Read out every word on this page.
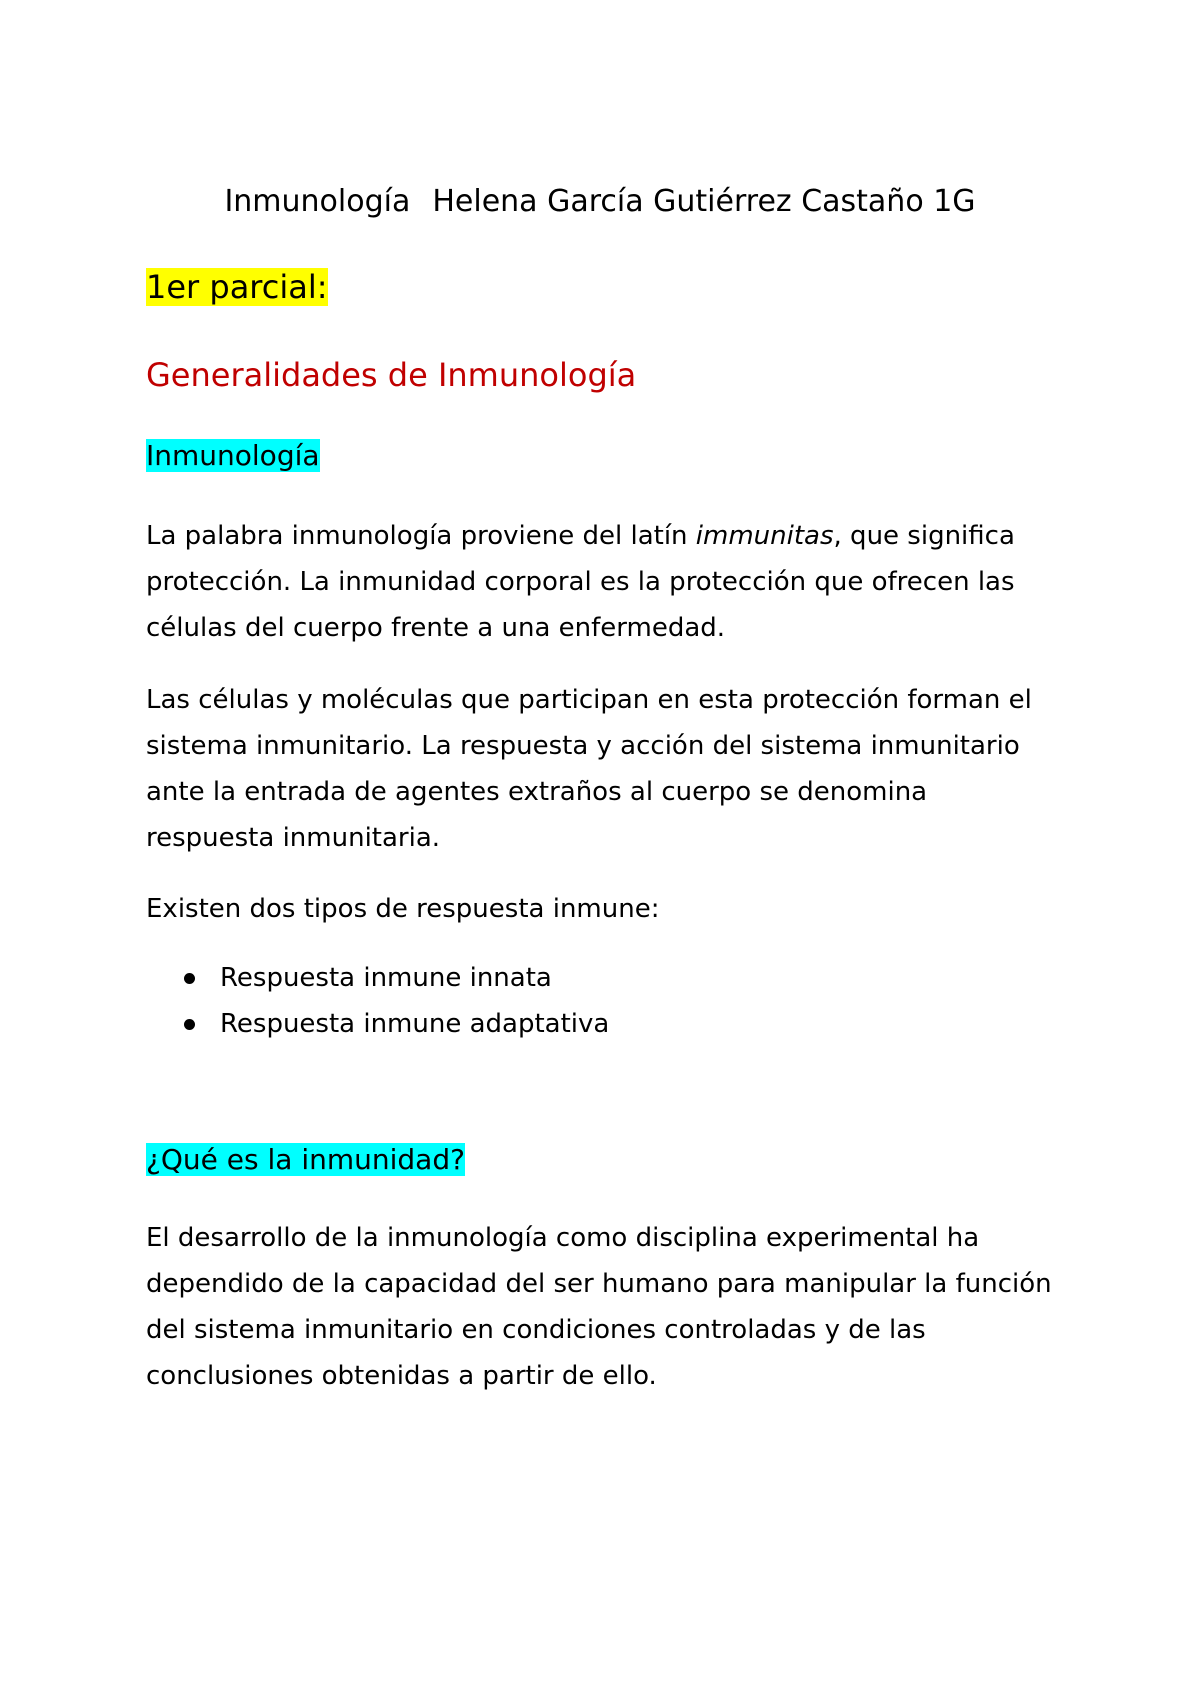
Inmunología Helena García Gutiérrez Castaño 1G
1er parcial:
Generalidades de Inmunología
Inmunología
La palabra inmunología proviene del latín immunitas, que significa
protección. La inmunidad corporal es la protección que ofrecen las
células del cuerpo frente a una enfermedad.
Las células y moléculas que participan en esta protección forman el
sistema inmunitario. La respuesta y acción del sistema inmunitario
ante la entrada de agentes extraños al cuerpo se denomina
respuesta inmunitaria.
Existen dos tipos de respuesta inmune:
Respuesta inmune innata
Respuesta inmune adaptativa
¿Qué es la inmunidad?
El desarrollo de la inmunología como disciplina experimental ha
dependido de la capacidad del ser humano para manipular la función
del sistema inmunitario en condiciones controladas y de las
conclusiones obtenidas a partir de ello.
